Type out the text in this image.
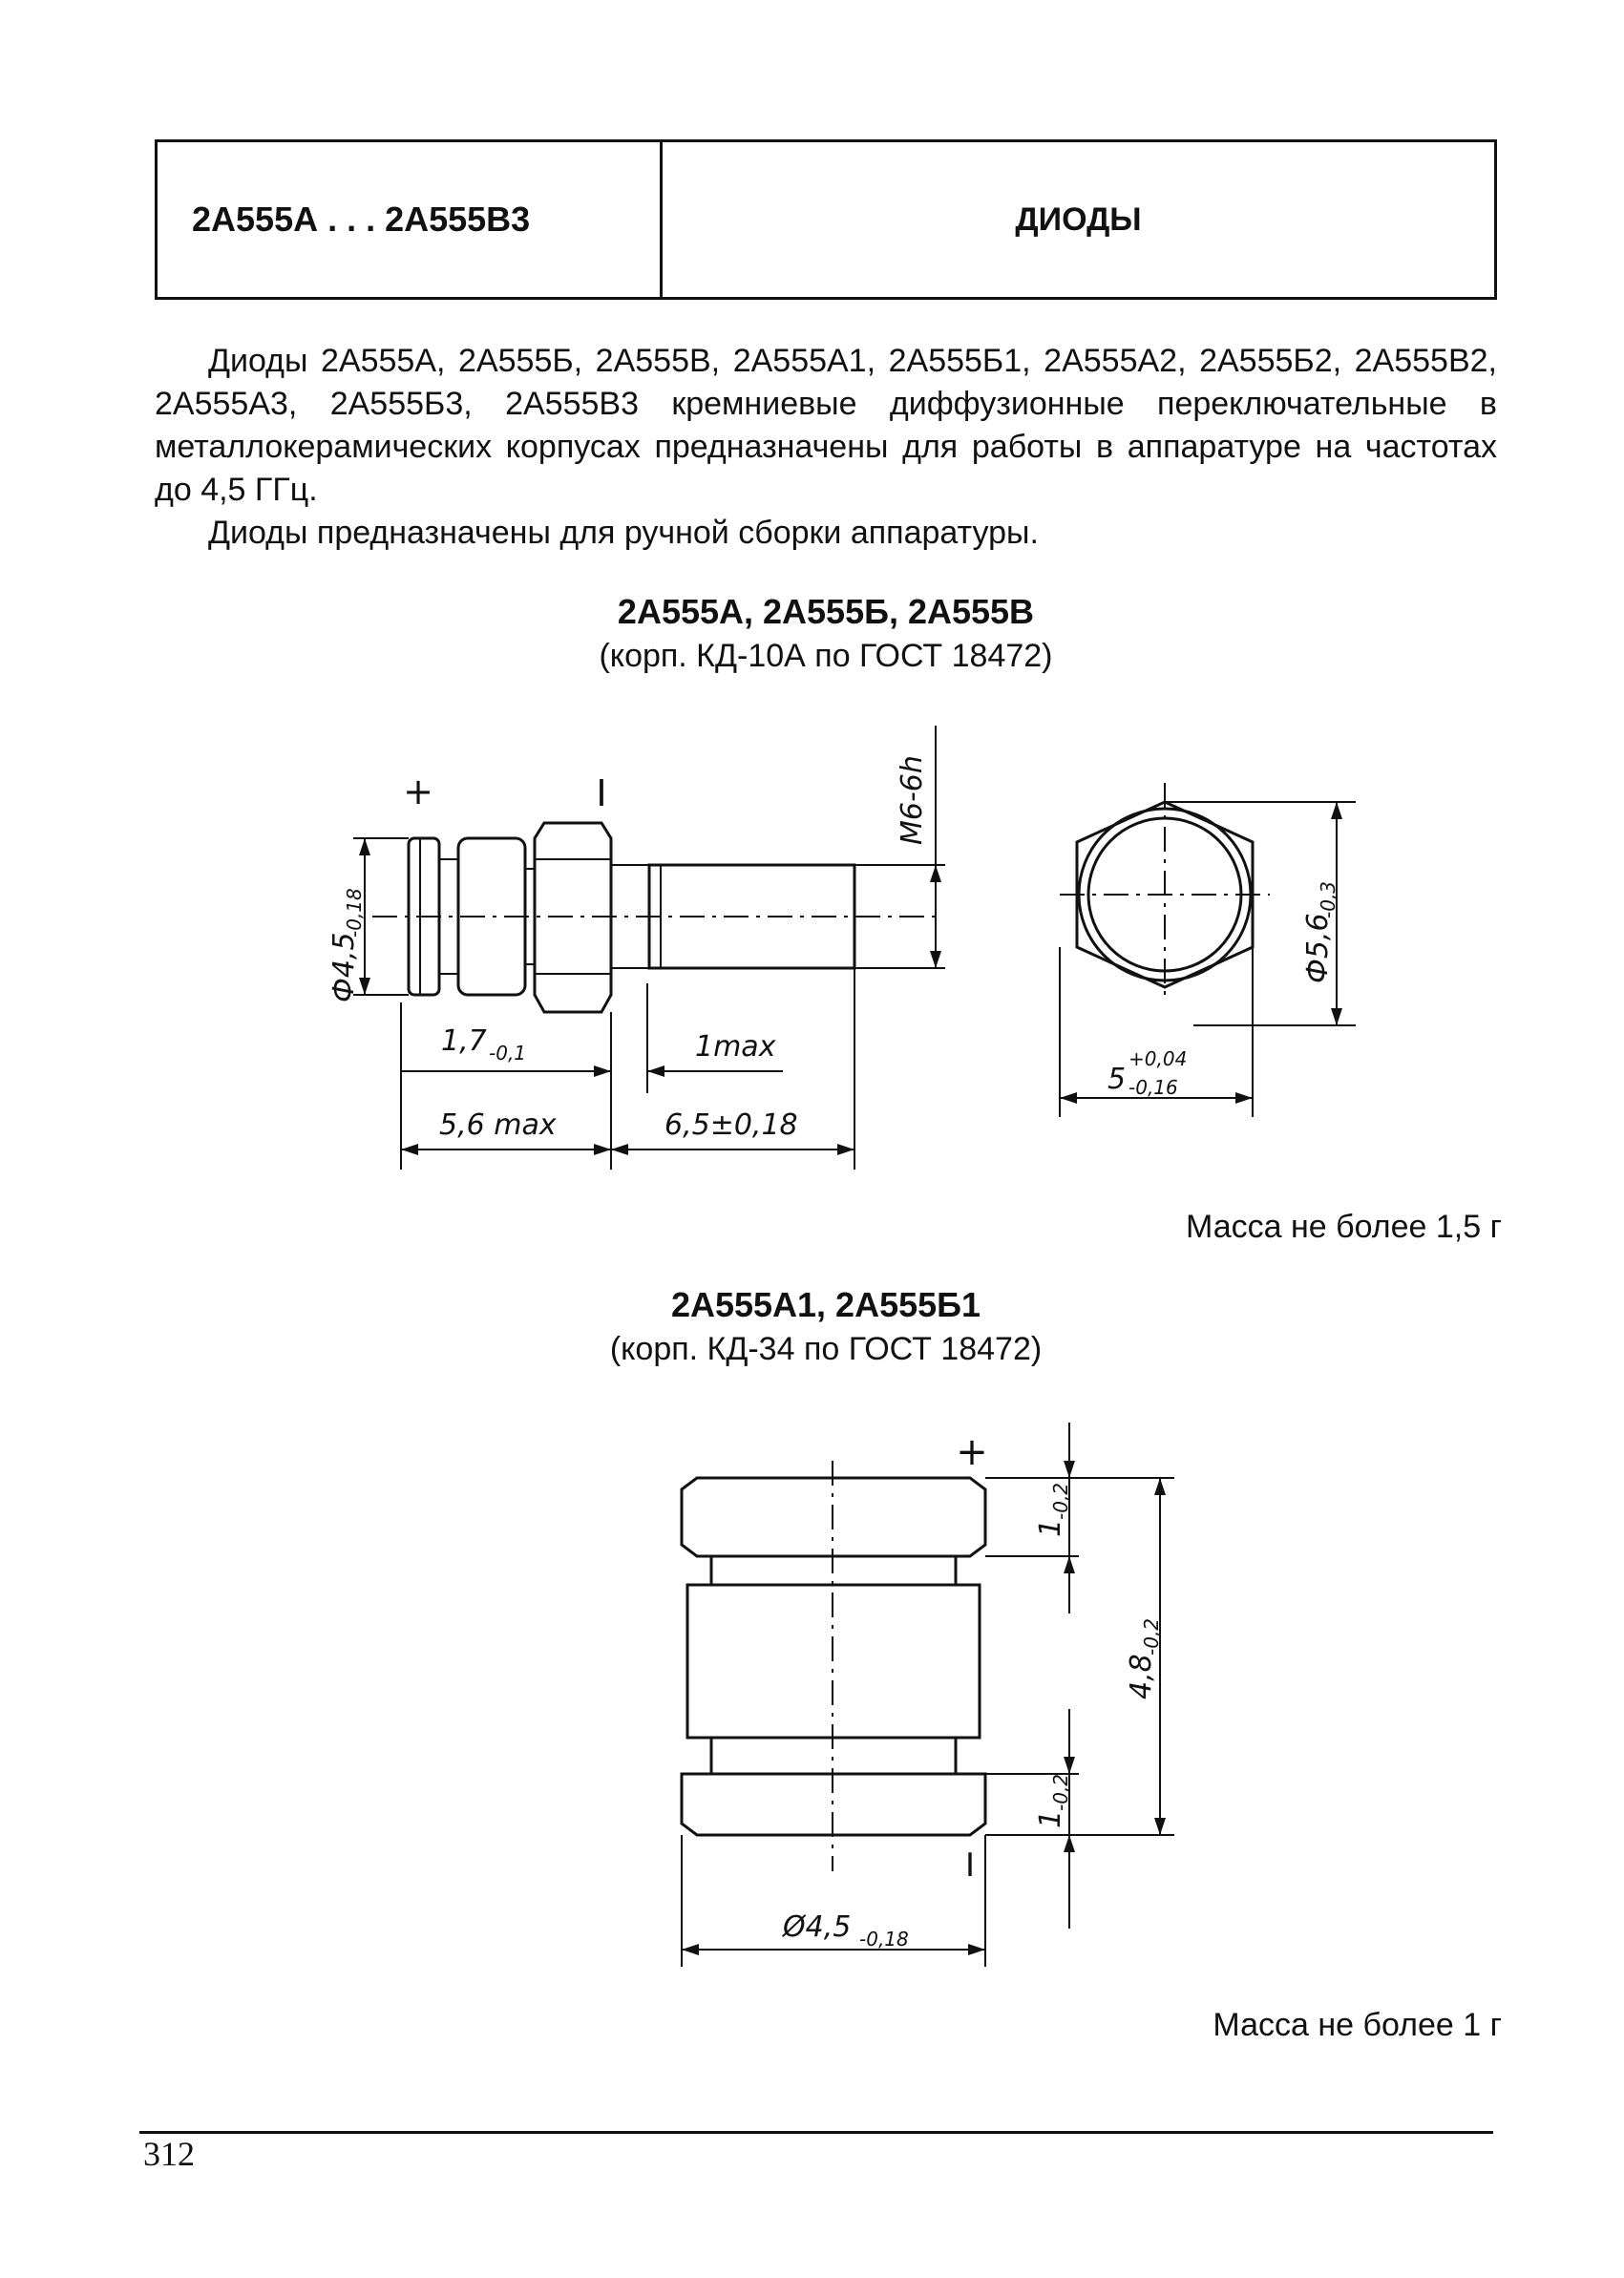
2А555А . . . 2А555В3	ДИОДЫ

Диоды 2А555А, 2А555Б, 2А555В, 2А555А1, 2А555Б1, 2А555А2, 2А555Б2, 2А555В2, 2А555А3, 2А555Б3, 2А555В3 кремниевые диффузионные переключательные в металлокерамических корпусах предназначены для работы в аппаратуре на частотах до 4,5 ГГц.

Диоды предназначены для ручной сборки аппаратуры.

2А555А, 2А555Б, 2А555В
(корп. КД-10А по ГОСТ 18472)
+	I
Ф4,5
-0,18
М6-6h
1,7 -0,1	1max
5,6 max	6,5±0,18
Ф5,6
-0,3
5
+0,04
-0,16
Масса не более 1,5 г
2А555А1, 2А555Б1
(корп. КД-34 по ГОСТ 18472)
+
I
1
-0,2
4,8
-0,2
1
-0,2
Ø4,5 -0,18
Масса не более 1 г
312
